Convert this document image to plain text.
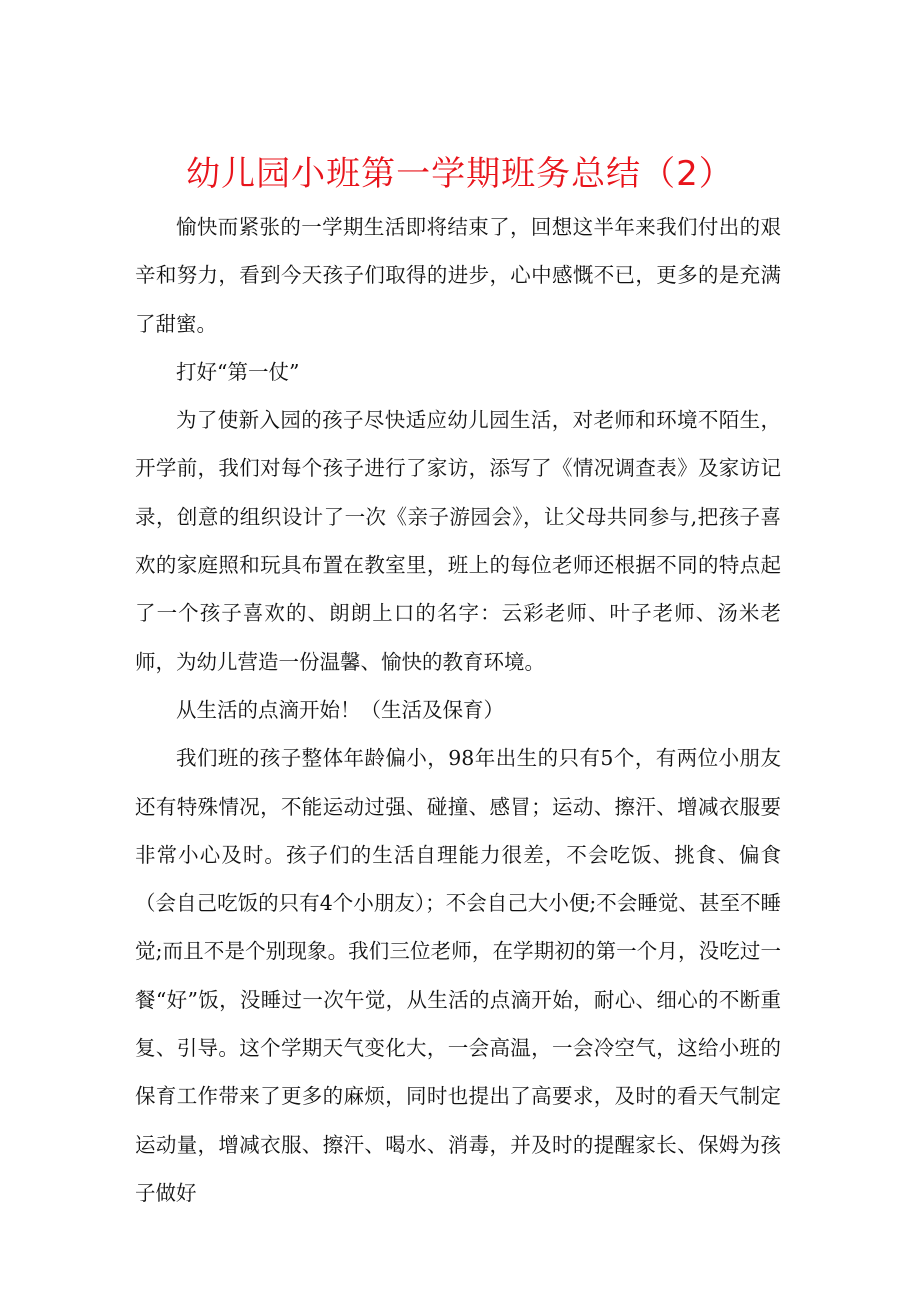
幼儿园小班第一学期班务总结（2）

愉快而紧张的一学期生活即将结束了，回想这半年来我们付出的艰辛和努力，看到今天孩子们取得的进步，心中感慨不已，更多的是充满了甜蜜。

打好“第一仗”

为了使新入园的孩子尽快适应幼儿园生活，对老师和环境不陌生，开学前，我们对每个孩子进行了家访，添写了《情况调查表》及家访记录，创意的组织设计了一次《亲子游园会》，让父母共同参与,把孩子喜欢的家庭照和玩具布置在教室里，班上的每位老师还根据不同的特点起了一个孩子喜欢的、朗朗上口的名字：云彩老师、叶子老师、汤米老师，为幼儿营造一份温馨、愉快的教育环境。

从生活的点滴开始！（生活及保育）

我们班的孩子整体年龄偏小，98年出生的只有5个，有两位小朋友还有特殊情况，不能运动过强、碰撞、感冒；运动、擦汗、增减衣服要非常小心及时。孩子们的生活自理能力很差，不会吃饭、挑食、偏食（会自己吃饭的只有4个小朋友）；不会自己大小便;不会睡觉、甚至不睡觉;而且不是个别现象。我们三位老师，在学期初的第一个月，没吃过一餐“好”饭，没睡过一次午觉，从生活的点滴开始，耐心、细心的不断重复、引导。这个学期天气变化大，一会高温，一会冷空气，这给小班的保育工作带来了更多的麻烦，同时也提出了高要求，及时的看天气制定运动量，增减衣服、擦汗、喝水、消毒，并及时的提醒家长、保姆为孩子做好
